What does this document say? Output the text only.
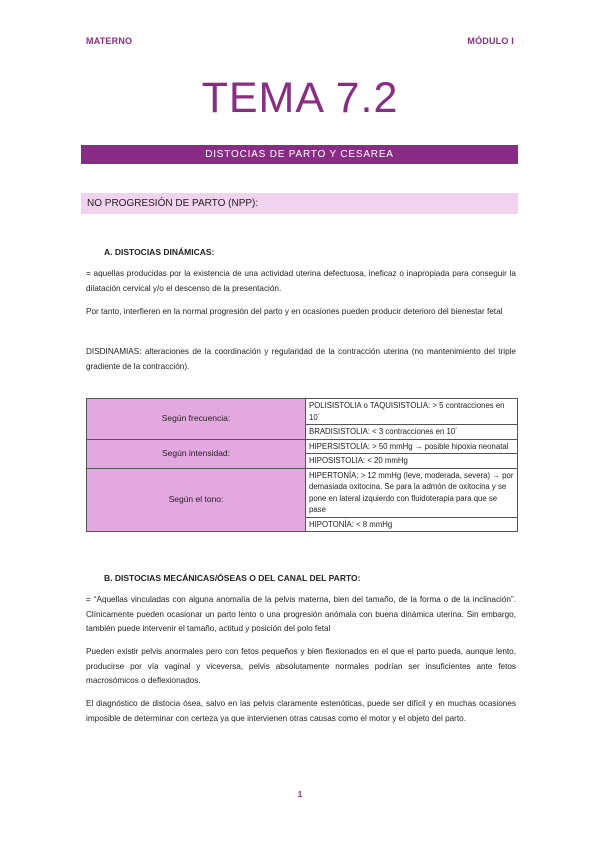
MATERNO	MÓDULO I
TEMA 7.2
DISTOCIAS DE PARTO Y CESAREA
NO PROGRESIÓN DE PARTO (NPP):
A. DISTOCIAS DINÁMICAS:

= aquellas producidas por la existencia de una actividad uterina defectuosa, ineficaz o inapropiada para conseguir la dilatación cervical y/o el descenso de la presentación.

Por tanto, interfieren en la normal progresión del parto y en ocasiones pueden producir deterioro del bienestar fetal

DISDINAMIAS: alteraciones de la coordinación y regularidad de la contracción uterina (no mantenimiento del triple gradiente de la contracción).

Según frecuencia:	POLISISTOLIA o TAQUISISTOLIA: > 5 contracciones en 10´
	BRADISISTOLIA: < 3 contracciones en 10´
Según intensidad:	HIPERSISTOLIA: > 50 mmHg → posible hipoxia neonatal
	HIPOSISTOLIA: < 20 mmHg
Según el tono:	HIPERTONÍA: > 12 mmHg (leve, moderada, severa) → por demasiada oxitocina. Se para la admón de oxitocina y se pone en lateral izquierdo con fluidoterapia para que se pase
	HIPOTONÍA: < 8 mmHg
B. DISTOCIAS MECÁNICAS/ÓSEAS O DEL CANAL DEL PARTO:

= “Aquellas vinculadas con alguna anomalía de la pelvis materna, bien del tamaño, de la forma o de la inclinación”. Clínicamente pueden ocasionar un parto lento o una progresión anómala con buena dinámica uterina. Sin embargo, también puede intervenir el tamaño, actitud y posición del polo fetal

Pueden existir pelvis anormales pero con fetos pequeños y bien flexionados en el que el parto pueda, aunque lento, producirse por vía vaginal y viceversa, pelvis absolutamente normales podrían ser insuficientes ante fetos macrosómicos o deflexionados.

El diagnóstico de distocia ósea, salvo en las pelvis claramente estenóticas, puede ser difícil y en muchas ocasiones imposible de determinar con certeza ya que intervienen otras causas como el motor y el objeto del parto.

1
